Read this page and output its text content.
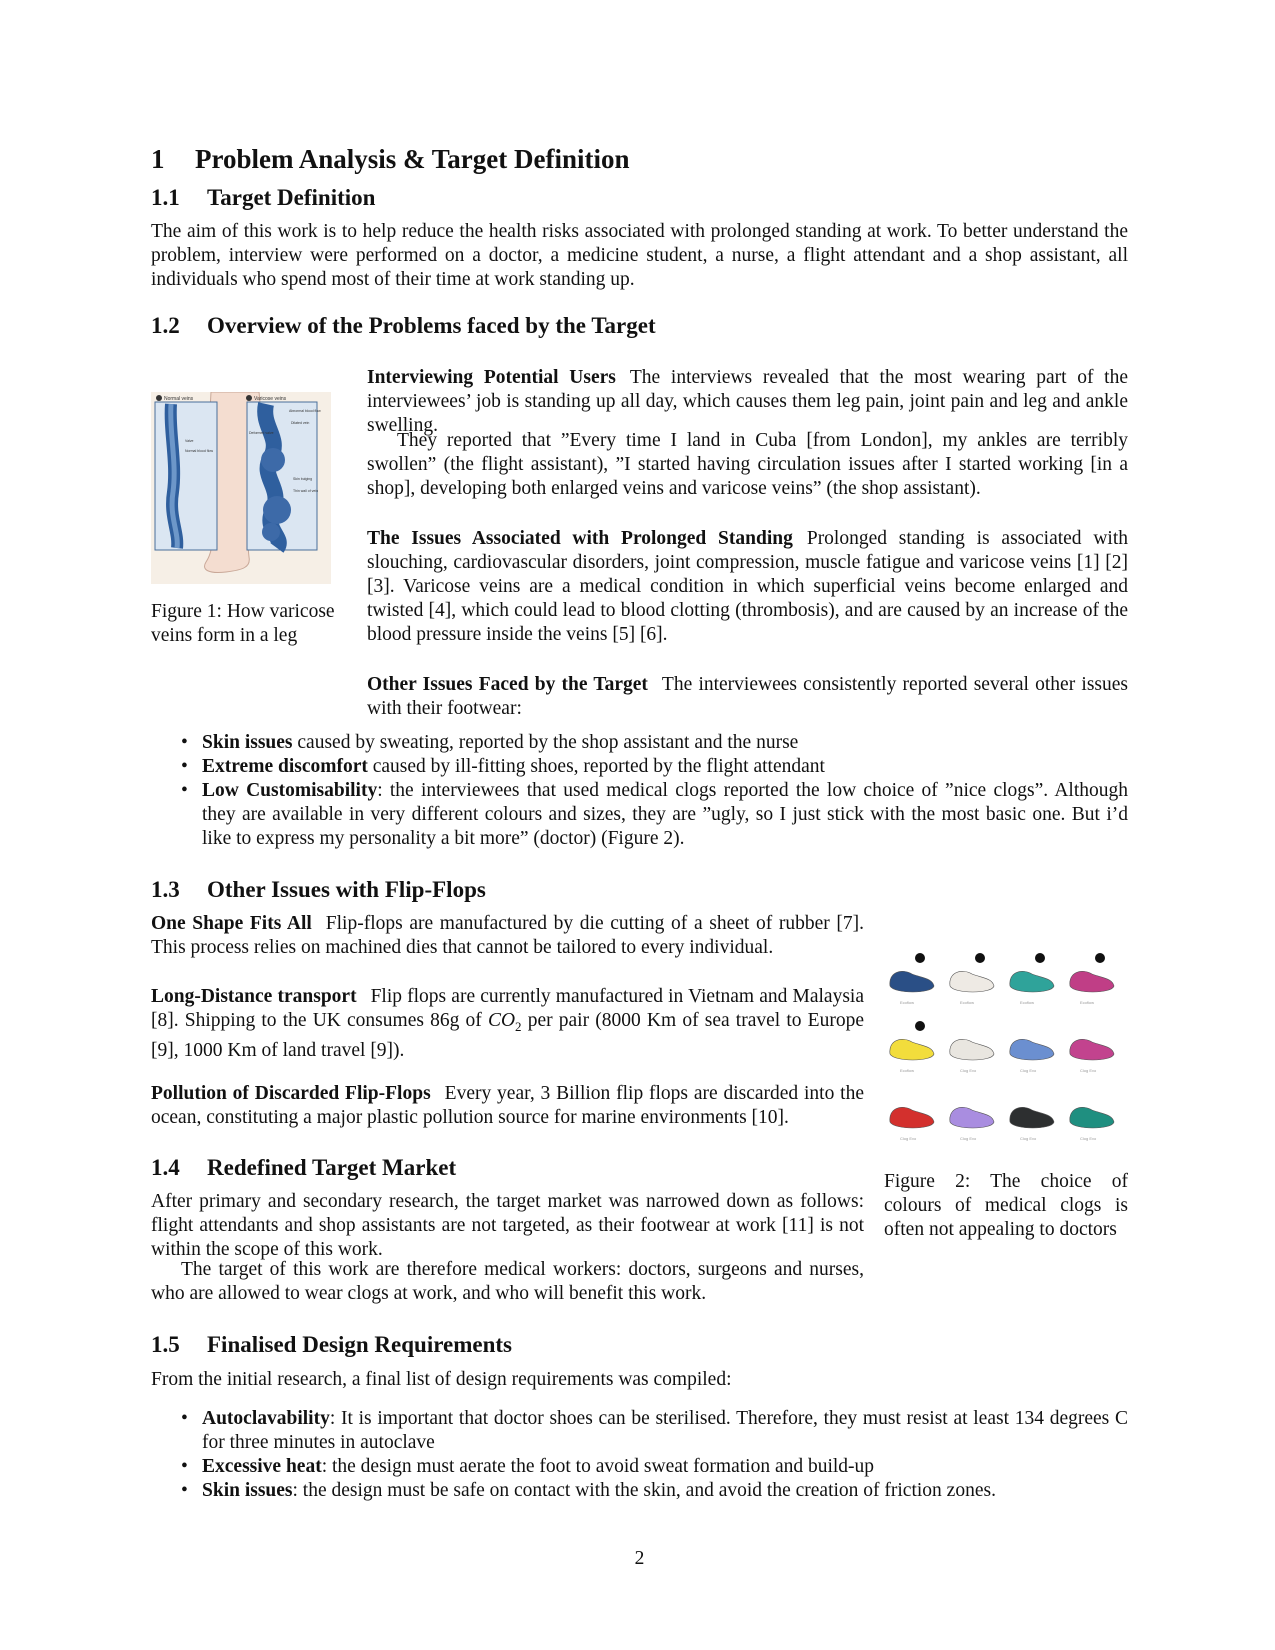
1 Problem Analysis & Target Definition
1.1 Target Definition

The aim of this work is to help reduce the health risks associated with prolonged standing at work. To better understand the problem, interview were performed on a doctor, a medicine student, a nurse, a flight attendant and a shop assistant, all individuals who spend most of their time at work standing up.

1.2 Overview of the Problems faced by the Target
Normal veins	Varicose veins
Valve
Normal blood flow
Abnormal blood flow
Dilated vein
Deformed valve
Skin bulging
Thin wall of vein
Figure 1: How varicose veins form in a leg

Interviewing Potential Users The interviews revealed that the most wearing part of the interviewees’ job is standing up all day, which causes them leg pain, joint pain and leg and ankle swelling.

They reported that ”Every time I land in Cuba [from London], my ankles are terribly swollen” (the flight assistant), ”I started having circulation issues after I started working [in a shop], developing both enlarged veins and varicose veins” (the shop assistant).

The Issues Associated with Prolonged Standing Prolonged standing is associated with slouching, cardiovascular disorders, joint compression, muscle fatigue and varicose veins [1] [2] [3]. Varicose veins are a medical condition in which superficial veins become enlarged and twisted [4], which could lead to blood clotting (thrombosis), and are caused by an increase of the blood pressure inside the veins [5] [6].

Other Issues Faced by the Target The interviewees consistently reported several other issues with their footwear:

• Skin issues caused by sweating, reported by the shop assistant and the nurse
• Extreme discomfort caused by ill-fitting shoes, reported by the flight attendant
• Low Customisability: the interviewees that used medical clogs reported the low choice of ”nice clogs”. Although they are available in very different colours and sizes, they are ”ugly, so I just stick with the most basic one. But i’d like to express my personality a bit more” (doctor) (Figure 2).
1.3 Other Issues with Flip-Flops

One Shape Fits All Flip-flops are manufactured by die cutting of a sheet of rubber [7]. This process relies on machined dies that cannot be tailored to every individual.

Long-Distance transport Flip flops are currently manufactured in Vietnam and Malaysia [8]. Shipping to the UK consumes 86g of $CO_2$ per pair (8000 Km of sea travel to Europe [9], 1000 Km of land travel [9]).

Pollution of Discarded Flip-Flops Every year, 3 Billion flip flops are discarded into the ocean, constituting a major plastic pollution source for marine environments [10].

Ecoflow	Ecoflow	Ecoflow	Ecoflow
Ecoflow	Clog Evo	Clog Evo	Clog Evo
Clog Evo	Clog Evo	Clog Evo	Clog Evo
Figure 2: The choice of colours of medical clogs is often not appealing to doctors
1.4 Redefined Target Market

After primary and secondary research, the target market was narrowed down as follows: flight attendants and shop assistants are not targeted, as their footwear at work [11] is not within the scope of this work.

The target of this work are therefore medical workers: doctors, surgeons and nurses, who are allowed to wear clogs at work, and who will benefit this work.

1.5 Finalised Design Requirements

From the initial research, a final list of design requirements was compiled:

• Autoclavability: It is important that doctor shoes can be sterilised. Therefore, they must resist at least 134 degrees C for three minutes in autoclave
• Excessive heat: the design must aerate the foot to avoid sweat formation and build-up
• Skin issues: the design must be safe on contact with the skin, and avoid the creation of friction zones.
2
